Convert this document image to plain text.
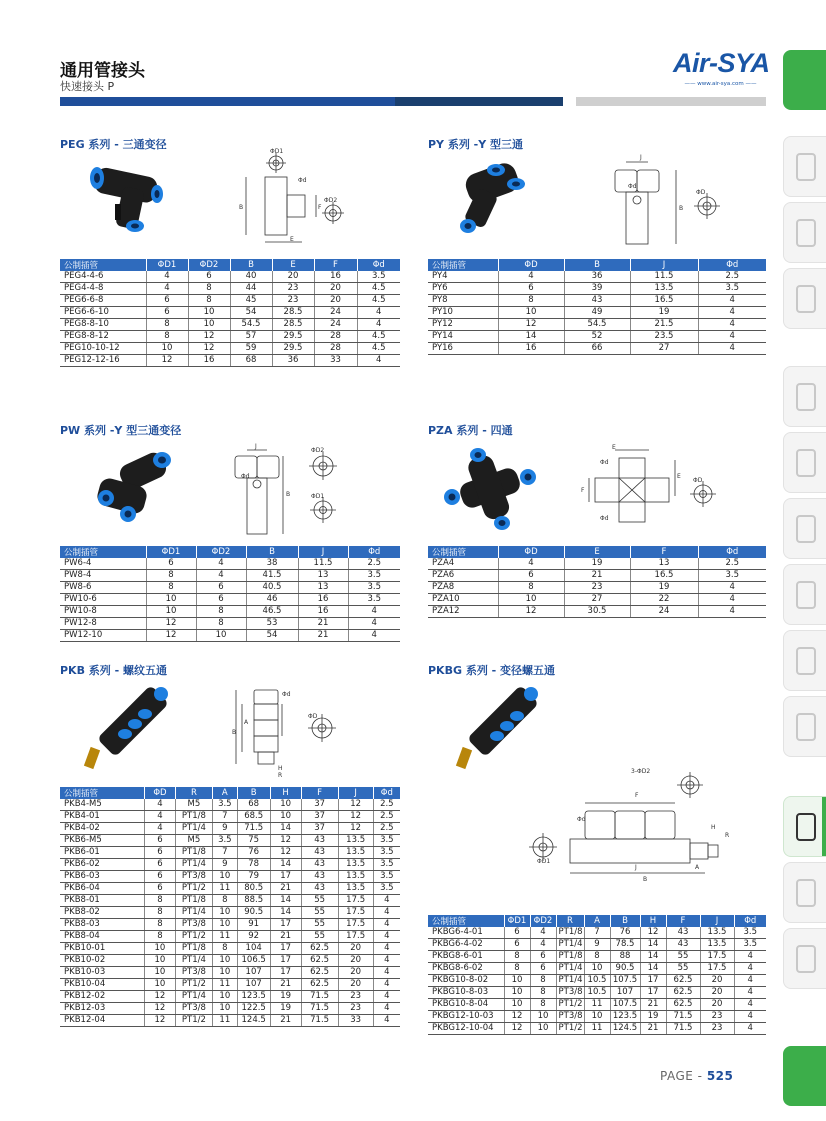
通用管接头
快速接头 P
Air-SYA
—— www.air-sya.com ——
PAGE - 525
PEG 系列 - 三通变径	PY 系列 -Y 型三通
PW 系列 -Y 型三通变径	PZA 系列 - 四通
PKB 系列 - 螺纹五通	PKBG 系列 - 变径螺五通
ΦD1
Φd
ΦD2
B
E
F
J
Φd
ΦD
B
J
Φd
ΦD2
ΦD1
B
E
E
F
Φd
Φd
ΦD
Φd
ΦD
A
B
H
R
3-ΦD2
F
Φd
H
R
J	A
B
ΦD1
公制插管	ΦD1	ΦD2	B	E	F	Φd
PEG4-4-6	4	6	40	20	16	3.5
PEG4-4-8	4	8	44	23	20	4.5
PEG6-6-8	6	8	45	23	20	4.5
PEG6-6-10	6	10	54	28.5	24	4
PEG8-8-10	8	10	54.5	28.5	24	4
PEG8-8-12	8	12	57	29.5	28	4.5
PEG10-10-12	10	12	59	29.5	28	4.5
PEG12-12-16	12	16	68	36	33	4
公制插管	ΦD	B	J	Φd
PY4	4	36	11.5	2.5
PY6	6	39	13.5	3.5
PY8	8	43	16.5	4
PY10	10	49	19	4
PY12	12	54.5	21.5	4
PY14	14	52	23.5	4
PY16	16	66	27	4
公制插管	ΦD1	ΦD2	B	J	Φd
PW6-4	6	4	38	11.5	2.5
PW8-4	8	4	41.5	13	3.5
PW8-6	8	6	40.5	13	3.5
PW10-6	10	6	46	16	3.5
PW10-8	10	8	46.5	16	4
PW12-8	12	8	53	21	4
PW12-10	12	10	54	21	4
公制插管	ΦD	E	F	Φd
PZA4	4	19	13	2.5
PZA6	6	21	16.5	3.5
PZA8	8	23	19	4
PZA10	10	27	22	4
PZA12	12	30.5	24	4
公制插管	ΦD	R	A	B	H	F	J	Φd
PKB4-M5	4	M5	3.5	68	10	37	12	2.5
PKB4-01	4	PT1/8	7	68.5	10	37	12	2.5
PKB4-02	4	PT1/4	9	71.5	14	37	12	2.5
PKB6-M5	6	M5	3.5	75	12	43	13.5	3.5
PKB6-01	6	PT1/8	7	76	12	43	13.5	3.5
PKB6-02	6	PT1/4	9	78	14	43	13.5	3.5
PKB6-03	6	PT3/8	10	79	17	43	13.5	3.5
PKB6-04	6	PT1/2	11	80.5	21	43	13.5	3.5
PKB8-01	8	PT1/8	8	88.5	14	55	17.5	4
PKB8-02	8	PT1/4	10	90.5	14	55	17.5	4
PKB8-03	8	PT3/8	10	91	17	55	17.5	4
PKB8-04	8	PT1/2	11	92	21	55	17.5	4
PKB10-01	10	PT1/8	8	104	17	62.5	20	4
PKB10-02	10	PT1/4	10	106.5	17	62.5	20	4
PKB10-03	10	PT3/8	10	107	17	62.5	20	4
PKB10-04	10	PT1/2	11	107	21	62.5	20	4
PKB12-02	12	PT1/4	10	123.5	19	71.5	23	4
PKB12-03	12	PT3/8	10	122.5	19	71.5	23	4
PKB12-04	12	PT1/2	11	124.5	21	71.5	33	4
公制插管	ΦD1	ΦD2	R	A	B	H	F	J	Φd
PKBG6-4-01	6	4	PT1/8	7	76	12	43	13.5	3.5
PKBG6-4-02	6	4	PT1/4	9	78.5	14	43	13.5	3.5
PKBG8-6-01	8	6	PT1/8	8	88	14	55	17.5	4
PKBG8-6-02	8	6	PT1/4	10	90.5	14	55	17.5	4
PKBG10-8-02	10	8	PT1/4	10.5	107.5	17	62.5	20	4
PKBG10-8-03	10	8	PT3/8	10.5	107	17	62.5	20	4
PKBG10-8-04	10	8	PT1/2	11	107.5	21	62.5	20	4
PKBG12-10-03	12	10	PT3/8	10	123.5	19	71.5	23	4
PKBG12-10-04	12	10	PT1/2	11	124.5	21	71.5	23	4
